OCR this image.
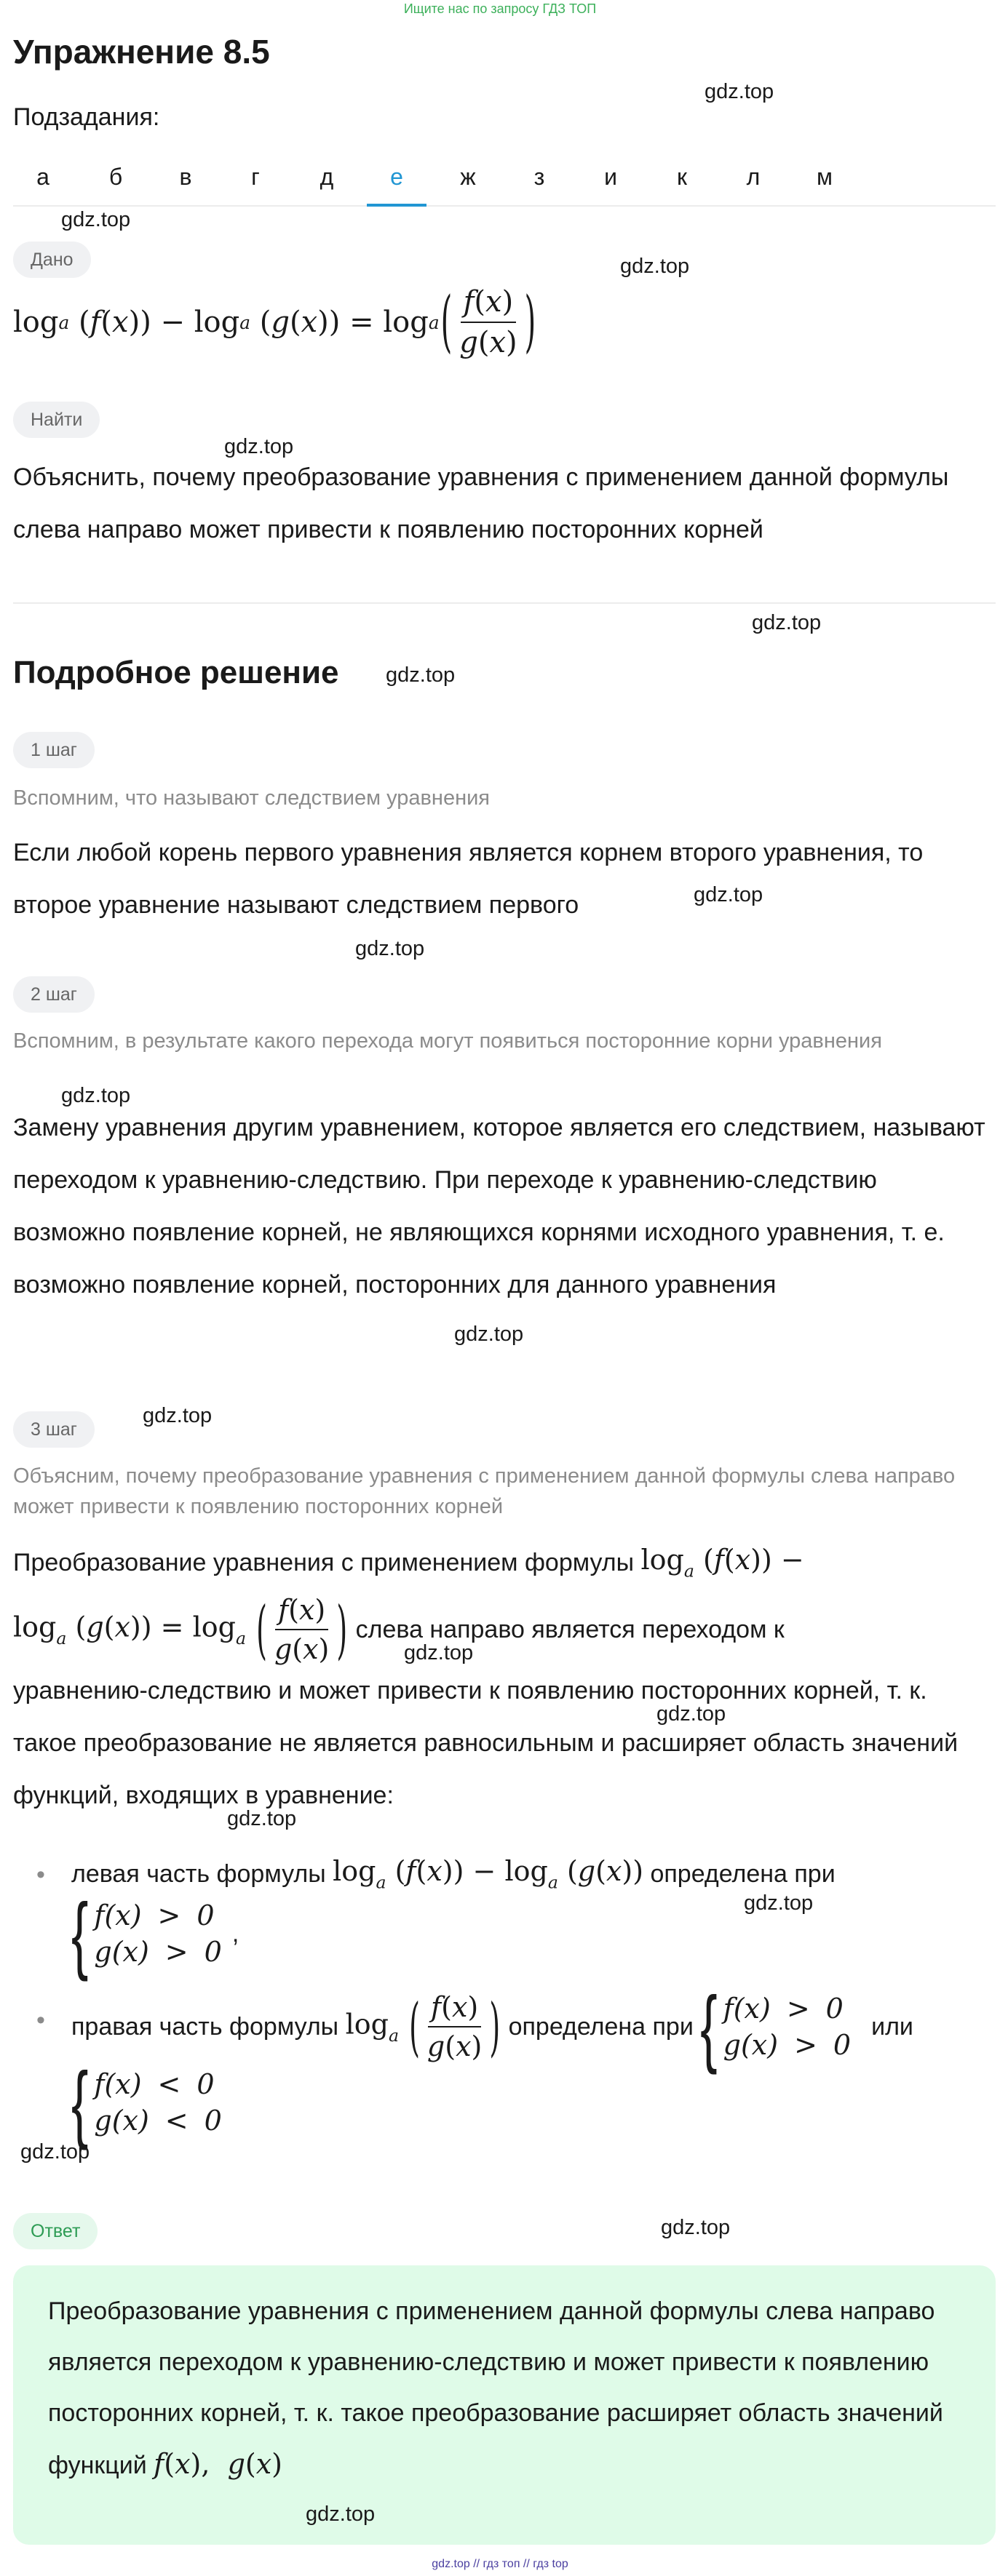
Ищите нас по запросу ГДЗ ТОП
Упражнение 8.5
Подзадания:
а	б	в	г	д	е	ж	з	и	к	л	м
gdz.top
gdz.top
gdz.top
gdz.top
gdz.top
gdz.top
gdz.top
gdz.top
gdz.top
gdz.top
gdz.top
gdz.top
gdz.top
gdz.top
gdz.top
gdz.top
gdz.top
gdz.top
Дано
log a
( f ( x ))
−
log a
( g ( x ))
=
log a ( $\frac{f(x)}{g(x)}$ )
Найти
Объяснить, почему преобразование уравнения с применением данной формулы слева направо может привести к появлению посторонних корней
Подробное решение
1 шаг
Вспомним, что называют следствием уравнения
Если любой корень первого уравнения является корнем второго уравнения, то второе уравнение называют следствием первого
2 шаг
Вспомним, в результате какого перехода могут появиться посторонние корни уравнения
Замену уравнения другим уравнением, которое является его следствием, называют переходом к уравнению-следствию. При переходе к уравнению-следствию возможно появление корней, не являющихся корнями исходного уравнения, т. е. возможно появление корней, посторонних для данного уравнения
3 шаг
Объясним, почему преобразование уравнения с применением данной формулы слева направо может привести к появлению посторонних корней
Преобразование уравнения с применением формулы
$\log_a (f(x))$ −
$\log_a (g(x)) = \log_a$ ( $\frac{f(x)}{g(x)}$ )
слева направо является переходом к
уравнению-следствию и может привести к появлению посторонних корней, т. к. такое преобразование не является равносильным и расширяет область значений функций, входящих в уравнение:
• левая часть формулы
$\log_a (f(x)) - \log_a (g(x))$
определена при
{ f(x) > 0
g(x) > 0
,
• правая часть формулы
$\log_a$ ( $\frac{f(x)}{g(x)}$ )
определена при
{ f(x) > 0
g(x) > 0
или
{ f(x) < 0
g(x) < 0
Ответ
Преобразование уравнения с применением данной формулы слева направо является переходом к уравнению-следствию и может привести к появлению посторонних корней, т. к. такое преобразование расширяет область значений функций f(x),  g(x)
gdz.top // гдз топ // гдз top
